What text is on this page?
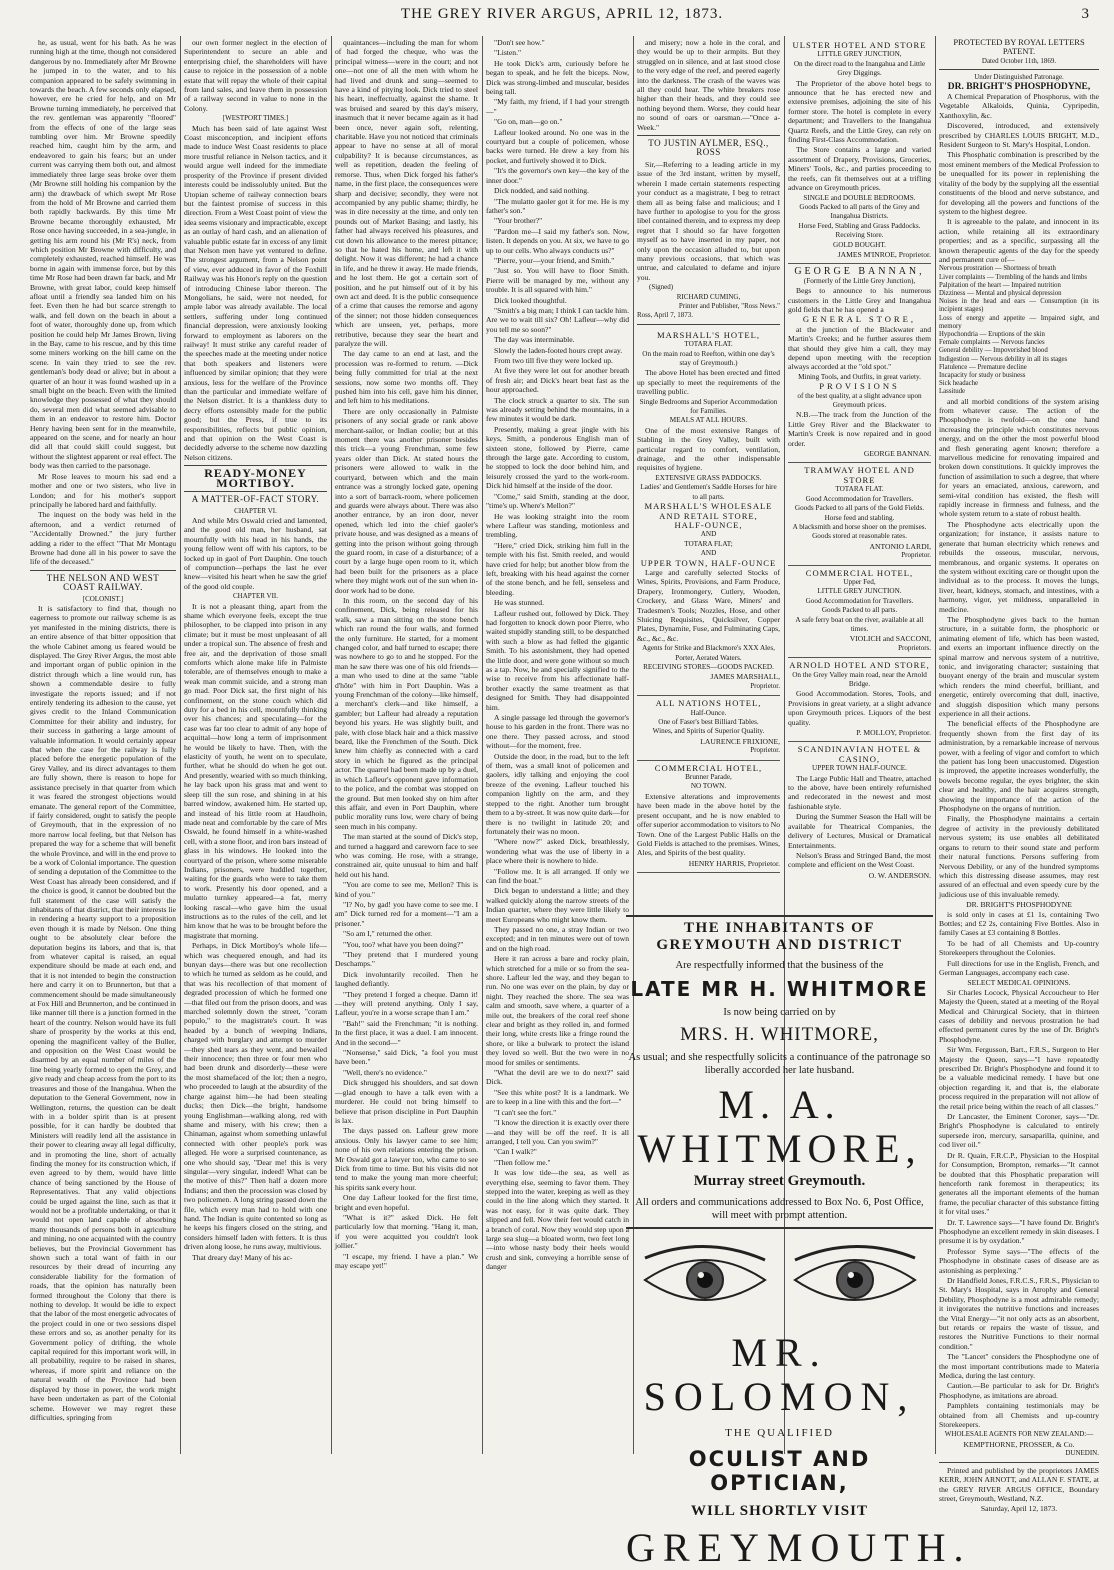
THE GREY RIVER ARGUS, APRIL 12, 1873.	3

he, as usual, went for his bath. As he was running high at the time, though not considered dangerous by no. Immediately after Mr Browne he jumped in to the water, and to his companion appeared to be safely swimming in towards the beach. A few seconds only elapsed, however, ere he cried for help, and on Mr Browne turning immediately, he perceived that the rev. gentleman was apparently "floored" from the effects of one of the large seas tumbling over him. Mr Browne speedily reached him, caught him by the arm, and endeavored to gain his fears; but an under current was carrying them both out, and almost immediately three large seas broke over them (Mr Browne still holding his companion by the arm) the drawback of which swept Mr Rose from the hold of Mr Browne and carried them both rapidly backwards. By this time Mr Browne became thoroughly exhausted, Mr Rose once having succeeded, in a sea-jungle, in getting his arm round his (Mr R's) neck, from which position Mr Browne with difficulty, and completely exhausted, reached himself. He was borne in again with immense force, but by this time Mr Rose had been drawn far back, and Mr Browne, with great labor, could keep himself afloat until a friendly sea landed him on his feet. Even then he had but scarce strength to walk, and fell down on the beach in about a foot of water, thoroughly done up, from which position he could help Mr James Brown, living in the Bay, came to his rescue, and by this time some miners working on the hill came on the scene. In vain they tried to see the rev. gentleman's body dead or alive; but in about a quarter of an hour it was found washed up in a small bight on the beach. Even with the limited knowledge they possessed of what they should do, several men did what seemed advisable to them in an endeavor to restore him. Doctor Henry having been sent for in the meanwhile, appeared on the scene, and for nearly an hour did all that could skill could suggest, but without the slightest apparent or real effect. The body was then carried to the parsonage.

Mr Rose leaves to mourn his sad end a mother and one or two sisters, who live in London; and for his mother's support principally he labored hard and faithfully.

The inquest on the body was held in the afternoon, and a verdict returned of "Accidentally Drowned." the jury further adding a rider to the effect "That Mr Montagu Browne had done all in his power to save the life of the deceased."

THE NELSON AND WEST COAST RAILWAY.
[COLONIST.]

It is satisfactory to find that, though no eagerness to promote our railway scheme is as yet manifested in the mining districts, there is an entire absence of that bitter opposition that the whole Cabinet among us feared would be displayed. The Grey River Argus, the most able and important organ of public opinion in the district through which a line would run, has shown a commendable desire to fully investigate the reports issued; and if not entirely tendering its adhesion to the cause, yet gives credit to the Inland Communication Committee for their ability and industry, for their success in gathering a large amount of valuable information. It would certainly appear that when the case for the railway is fully placed before the energetic population of the Grey Valley, and its direct advantages to them are fully shown, there is reason to hope for assistance precisely in that quarter from which it was feared the strongest objections would emanate. The general report of the Committee, if fairly considered, ought to satisfy the people of Greymouth, that in the expression of no more narrow local feeling, but that Nelson has prepared the way for a scheme that will benefit the whole Province, and will in the end prove to be a work of Colonial importance. The question of sending a deputation of the Committee to the West Coast has already been considered, and if the choice is good, it cannot be doubted but the full statement of the case will satisfy the inhabitants of that district, that their interests lie in rendering a hearty support to a proposition even though it is made by Nelson. One thing ought to be absolutely clear before the deputation begins its labors, and that is, that from whatever capital is raised, an equal expenditure should be made at each end, and that it is not intended to begin the construction here and carry it on to Brunnerton, but that a commencement should be made simultaneously at Fox Hill and Brunnerton, and be continued in like manner till there is a junction formed in the heart of the country. Nelson would have its full share of prosperity by the works at this end, opening the magnificent valley of the Buller, and opposition on the West Coast would be disarmed by an equal number of miles of the line being yearly formed to open the Grey, and give ready and cheap access from the port to its treasures and those of the Inangahua. When the deputation to the General Government, now in Wellington, returns, the question can be dealt with in a bolder spirit than is at present possible, for it can hardly be doubted that Ministers will readily lend all the assistance in their power to clearing away all legal difficulty, and in promoting the line, short of actually finding the money for its construction which, if even agreed to by them, would have little chance of being sanctioned by the House of Representatives. That any valid objections could be urged against the line, such as that it would not be a profitable undertaking, or that it would not open land capable of absorbing many thousands of persons both in agriculture and mining, no one acquainted with the country believes, but the Provincial Government has shown such a total want of faith in our resources by their dread of incurring any considerable liability for the formation of roads, that the opinion has naturally been formed throughout the Colony that there is nothing to develop. It would be idle to expect that the labor of the most energetic advocates of the project could in one or two sessions dispel these errors and so, as another penalty for its Government policy of drifting, the whole capital required for this important work will, in all probability, require to be raised in shares, whereas, if more spirit and reliance on the natural wealth of the Province had been displayed by those in power, the work might have been undertaken as part of the Colonial scheme. However we may regret these difficulties, springing from

our own former neglect in the election of Superintendent to secure an able and enterprising chief, the shareholders will have cause to rejoice in the possession of a noble estate that will repay the whole of their capital from land sales, and leave them in possession of a railway second in value to none in the Colony.

[WESTPORT TIMES.]

Much has been said of late against West Coast misconception, and incipient efforts made to induce West Coast residents to place more trustful reliance in Nelson tactics, and it would argue well indeed for the immediate prosperity of the Province if present divided interests could be indissolubly united. But the Utopian scheme of railway connection bears but the faintest promise of success in this direction. From a West Coast point of view the idea seems visionary and impracticable, except as an outlay of hard cash, and an alienation of valuable public estate far in excess of any limit that Nelson men have yet ventured to define. The strongest argument, from a Nelson point of view, ever adduced in favor of the Foxhill Railway was his Honor's reply on the question of introducing Chinese labor thereon. The Mongolians, he said, were not needed, for ample labor was already available. The local settlers, suffering under long continued financial depression, were anxiously looking forward to employment as laborers on the railway! It must strike any careful reader of the speeches made at the meeting under notice that both speakers and listeners were influenced by similar opinion; that they were anxious, less for the welfare of the Province than the particular and immediate welfare of the Nelson district. It is a thankless duty to decry efforts ostensibly made for the public good; but the Press, if true to its responsibilities, reflects but public opinion, and that opinion on the West Coast is decidedly adverse to the scheme now dazzling Nelson citizens.

READY-MONEY MORTIBOY.
A MATTER-OF-FACT STORY.
CHAPTER VI.

And while Mrs Oswald cried and lamented, and the good old man, her husband, sat mournfully with his head in his hands, the young fellow went off with his captors, to be locked up in gaol of Port Dauphin. One touch of compunction—perhaps the last he ever knew—visited his heart when he saw the grief of the good old couple.

CHAPTER VII.

It is not a pleasant thing, apart from the shame which everyone feels, except the true philosopher, to be clapped into prison in any climate; but it must be most unpleasant of all under a tropical sun. The absence of fresh and free air, and the deprivation of those small comforts which alone make life in Palmiste tolerable, are of themselves enough to make a weak man commit suicide, and a strong man go mad. Poor Dick sat, the first night of his confinement, on the stone couch which did duty for a bed in his cell, mournfully thinking over his chances; and speculating—for the case was far too clear to admit of any hope of acquittal—how long a term of imprisonment he would be likely to have. Then, with the elasticity of youth, he went on to speculate, further, what he should do when he got out. And presently, wearied with so much thinking, he lay back upon his grass mat and went to sleep till the sun rose, and shining in at his barred window, awakened him. He started up, and instead of his little room at Haudhoin, made neat and comfortable by the care of Mrs Oswald, he found himself in a white-washed cell, with a stone floor, and iron bars instead of glass in his windows. He looked into the courtyard of the prison, where some miserable Indians, prisoners, were huddled together, waiting for the guards who were to take them to work. Presently his door opened, and a mulatto turnkey appeared—a fat, merry looking rascal—who gave him the usual instructions as to the rules of the cell, and let him know that he was to be brought before the magistrate that morning.

Perhaps, in Dick Mortiboy's whole life—which was chequered enough, and had its bunyan days—there was but one recollection to which he turned as seldom as he could, and that was his recollection of that moment of degraded procession of which he formed one—that filed out from the prison doors, and was marched solemnly down the street, "coram populo," to the magistrate's court. It was headed by a bunch of weeping Indians, charged with burglary and attempt to murder—they shed tears as they went, and bewailed their innocence; then three or four men who had been drunk and disorderly—these were the most shamefaced of the lot; then a negro, who proceeded to laugh at the absurdity of the charge against him—he had been stealing ducks; then Dick—the bright, handsome young Englishman—walking along, red with shame and misery, with his crew; then a Chinaman, against whom something unlawful connected with other people's pork was alleged. He wore a surprised countenance, as one who should say, "Dear me! this is very singular—very singular, indeed! What can be the motive of this?" Then half a dozen more Indians; and then the procession was closed by two policemen. A long string passed down the file, which every man had to hold with one hand. The Indian is quite contented so long as he keeps his fingers closed on the string, and considers himself laden with fetters. It is thus driven along loose, he runs away, multivious.

That dreary day! Many of his ac-

quaintances—including the man for whom of had forged the cheque, who was the principal witness—were in the court; and not one—not one of all the men with whom he had lived and drunk and sung—seemed to have a kind of pitying look. Dick tried to steel his heart, ineffectually, against the shame. It was bruised and seared by this day's misery, inasmuch that it never became again as it had been once, never again soft, relenting, charitable. Have you not noticed that criminals appear to have no sense at all of moral culpability? It is because circumstances, as well as repetition, deaden the feeling of remorse. Thus, when Dick forged his father's name, in the first place, the consequences were sharp and decisive; secondly, they were not accompanied by any public shame; thirdly, he was in dire necessity at the time, and only ten pounds out of Market Basing; and lastly, his father had always received his pleasures, and cut down his allowance to the merest pittance; so that he hated his home, and left it with delight. Now it was different; he had a chance in life, and he threw it away. He made friends, and he lost them. He got a certain sort of position, and he put himself out of it by his own act and deed. It is the public consequence of a crime that causes the remorse and agony of the sinner; not those hidden consequences which are unseen, yet, perhaps, more retributive, because they sear the heart and paralyze the will.

The day came to an end at last, and the procession was re-formed to return. —Dick being fully committed for trial at the next sessions, now some two months off. They pushed him into his cell, gave him his dinner, and left him to his meditations.

There are only occasionally in Palmiste prisoners of any social grade or rank above merchant-sailor, or Indian coolie; but at this moment there was another prisoner besides this trick—a young Frenchman, some few years older than Dick. At stated hours the prisoners were allowed to walk in the courtyard, between which and the main entrance was a strongly locked gate, opening into a sort of barrack-room, where policemen and guards were always about. There was also another entrance, by an iron door, never opened, which led into the chief gaoler's private house, and was designed as a means of getting into the prison without going through the guard room, in case of a disturbance; of a court by a large huge open room to it, which had been built for the prisoners as a place where they might work out of the sun when in-door work had to be done.

In this room, on the second day of his confinement, Dick, being released for his walk, saw a man sitting on the stone bench which ran round the four walls, and formed the only furniture. He started, for a moment changed color, and half turned to escape; there was nowhere to go to and he stopped. For the man he saw there was one of his old friends—a man who used to dine at the same "table d'hôte" with him in Port Dauphin. Was a young Frenchman of the colony—like himself, a merchant's clerk—and like himself, a gambler; but Lafleur had already a reputation beyond his years. He was slightly built, and pale, with close black hair and a thick massive beard, like the Frenchmen of the South. Dick knew him chiefly as connected with a card story in which he figured as the principal actor. The quarrel had been made up by a duel, in which Lafleur's opponent gave information to the police, and the combat was stopped on the ground. But men looked shy on him after this affair, and even in Port Dauphin, where public morality runs low, were chary of being seen much in his company.

The man started at the sound of Dick's step, and turned a haggard and careworn face to see who was coming. He rose, with a strange, constrained air, quite unusual to him and half held out his hand.

"You are come to see me, Mellon? This is kind of you."

"I? No, by gad! you have come to see me. I am" Dick turned red for a moment—"I am a prisoner."

"So am I," returned the other.

"You, too? what have you been doing?"

"They pretend that I murdered young Deschamps."

Dick involuntarily recoiled. Then he laughed defiantly.

"They pretend I forged a cheque. Damn it!—they will pretend anything. Only I say, Lafleur, you're in a worse scrape than I am."

"Bah!" said the Frenchman; "it is nothing. In the first place, it was a duel. I am innocent. And in the second—"

"Nonsense," said Dick, "a fool you must have been."

"Well, there's no evidence."

Dick shrugged his shoulders, and sat down—glad enough to have a talk even with a murderer. He could not bring himself to believe that prison discipline in Port Dauphin is lax.

The days passed on. Lafleur grew more anxious. Only his lawyer came to see him; none of his own relations entering the prison. Mr Oswald got a lawyer too, who came to see Dick from time to time. But his visits did not tend to make the young man more cheerful; his spirits sank every hour.

One day Lafleur looked for the first time, bright and even hopeful.

"What is it?" asked Dick. He felt particularly low that morning. "Hang it, man, if you were acquitted you couldn't look jollier."

"I escape, my friend. I have a plan." We may escape yet!"

"Don't see how."

"Listen."

He took Dick's arm, curiously before he began to speak, and he felt the biceps. Now, Dick was strong-limbed and muscular, besides being tall.

"My faith, my friend, if I had your strength—"

"Go on, man—go on."

Lafleur looked around. No one was in the courtyard but a couple of policemen, whose backs were turned. He drew a key from his pocket, and furtively showed it to Dick.

"It's the governor's own key—the key of the inner door."

Dick nodded, and said nothing.

"The mulatto gaoler got it for me. He is my father's son."

"Your brother?"

"Pardon me—I said my father's son. Now, listen. It depends on you. At six, we have to go up to our cells. Who always conducts us?"

"Pierre, your—your friend, and Smith."

"Just so. You will have to floor Smith. Pierre will be managed by me, without any trouble. It is all squared with him."

Dick looked thoughtful.

"Smith's a big man; I think I can tackle him. Are we to wait till six? Oh! Lafleur—why did you tell me so soon?"

The day was interminable.

Slowly the laden-footed hours crept away.

From two till five they were locked up.

At five they were let out for another breath of fresh air; and Dick's heart beat fast as the hour approached.

The clock struck a quarter to six. The sun was already setting behind the mountains, in a few minutes it would be dark.

Presently, making a great jingle with his keys, Smith, a ponderous English man of sixteen stone, followed by Pierre, came through the large gate. According to custom, he stopped to lock the door behind him, and leisurely crossed the yard to the work-room. Dick hid himself at the inside of the door.

"Come," said Smith, standing at the door, "time's up. Where's Mellon?"

He was looking straight into the room where Lafleur was standing, motionless and trembling.

"Here," cried Dick, striking him full in the temple with his fist. Smith reeled, and would have cried for help; but another blow from the left, breaking with his head against the corner of the stone bench, and he fell, senseless and bleeding.

He was stunned.

Lafleur rushed out, followed by Dick. They had forgotten to knock down poor Pierre, who waited stupidly standing still, to be despatched with such a blow as had felled the gigantic Smith. To his astonishment, they had opened the little door, and were gone without so much as a tap. Now, he and specially signified to the wise to receive from his affectionate half-brother exactly the same treatment as that designed for Smith. They had disappointed him.

A single passage led through the governor's house to his garden in the front. There was no one there. They passed across, and stood without—for the moment, free.

Outside the door, in the road, but to the left of them, was a small knot of policemen and gaolers, idly talking and enjoying the cool breeze of the evening. Lafleur touched his companion lightly on the arm, and they stepped to the right. Another turn brought them to a by-street. It was now quite dark—for there is no twilight in latitude 20; and fortunately their was no moon.

"Where now?" asked Dick, breathlessly, wondering what was the use of liberty in a place where their is nowhere to hide.

"Follow me. It is all arranged. If only we can find the boat."

Dick began to understand a little; and they walked quickly along the narrow streets of the Indian quarter, where they were little likely to meet Europeans who might know them.

They passed no one, a stray Indian or two excepted; and in ten minutes were out of town and on the high road.

Here it ran across a bare and rocky plain, which stretched for a mile or so from the sea-shore. Lafleur led the way, and they began to run. No one was ever on the plain, by day or night. They reached the shore. The sea was calm and smooth, save where, a quarter of a mile out, the breakers of the coral reef shone clear and bright as they rolled in, and formed their long, white crests like a fringe round the shore, or like a bulwark to protect the island they loved so well. But the two were in no mood for smiles or sentiments.

"What the devil are we to do next?" said Dick.

"See this white post? It is a landmark. We are to keep in a line with this and the fort—"

"I can't see the fort."

"I know the direction it is exactly over there—and they will be off the reef. It is all arranged, I tell you. Can you swim?"

"Can I walk?"

"Then follow me."

It was low tide—the sea, as well as everything else, seeming to favor them. They stepped into the water, keeping as well as they could in the line along which they started. It was not easy, for it was quite dark. They slipped and fell. Now their feet would catch in a branch of coral. Now they would step upon a large sea slug—a bloated worm, two feet long—into whose nasty body their heels would crush and sink, conveying a horrible sense of danger

and misery; now a hole in the coral, and they would be up to their armpits. But they struggled on in silence, and at last stood close to the very edge of the reef, and peered eagerly into the darkness. The crash of the waves was all they could hear. The white breakers rose higher than their heads, and they could see nothing beyond them. Worse, they could hear no sound of oars or oarsman.—"Once a-Week."

TO JUSTIN AYLMER, ESQ., ROSS

Sir,—Referring to a leading article in my issue of the 3rd instant, written by myself, wherein I made certain statements respecting your conduct as a magistrate, I beg to retract them all as being false and malicious; and I have further to apologise to you for the gross libel contained therein, and to express my deep regret that I should so far have forgotten myself as to have inserted in my paper, not only upon the occasion alluded to, but upon many previous occasions, that which was untrue, and calculated to defame and injure you.

(Signed)
RICHARD CUMING,
Printer and Publisher, "Ross News."
Ross, April 7, 1873.
MARSHALL'S HOTEL,
TOTARA FLAT.
On the main road to Reefton, within one day's stay of Greymouth.)

The above Hotel has been erected and fitted up specially to meet the requirements of the travelling public.

Single Bedrooms and Superior Accommodation for Families.
MEALS AT ALL HOURS.

One of the most extensive Ranges of Stabling in the Grey Valley, built with particular regard to comfort, ventilation, drainage, and the other indispensable requisites of hygiene.

EXTENSIVE GRASS PADDOCKS.
Ladies' and Gentlemen's Saddle Horses for hire to all parts.
MARSHALL'S WHOLESALE AND RETAIL STORE,
HALF-OUNCE,
AND
TOTARA FLAT;
AND
UPPER TOWN, HALF-OUNCE

Large and carefully selected Stocks of Wines, Spirits, Provisions, and Farm Produce, Drapery, Ironmongery, Cutlery, Wooden, Crockery, and Glass Ware, Miners' and Tradesmen's Tools; Nozzles, Hose, and other Sluicing Requisites, Quicksilver, Copper Plates, Dynamite, Fuse, and Fulminating Caps, &c., &c., &c.

Agents for Strike and Blackmore's XXX Ales, Porter, Aerated Waters.
RECEIVING STORES—GOODS PACKED.
JAMES MARSHALL,
Proprietor.
ALL NATIONS HOTEL,
Half-Ounce.
One of Faser's best Billiard Tables.
Wines, and Spirits of Superior Quality.
LAURENCE FRIXIONE,
Proprietor.
COMMERCIAL HOTEL,
Brunner Parade,
NO TOWN.

Extensive alterations and improvements have been made in the above hotel by the present occupant, and he is now enabled to offer superior accommodation to visitors to No Town. One of the Largest Public Halls on the Gold Fields is attached to the premises. Wines, Ales, and Spirits of the best quality.

HENRY HARRIS, Proprietor.
ULSTER HOTEL AND STORE
LITTLE GREY JUNCTION,
On the direct road to the Inangahua and Little Grey Diggings.

The Proprietor of the above hotel begs to announce that he has erected new and extensive premises, adjoining the site of his former store. The hotel is complete in every department; and Travellers to the Inangahua Quartz Reefs, and the Little Grey, can rely on finding First-Class Accommodation.

The Store contains a large and varied assortment of Drapery, Provisions, Groceries, Miners' Tools, &c., and parties proceeding to the reefs, can fit themselves out at a trifling advance on Greymouth prices.

SINGLE and DOUBLE BEDROOMS.
Goods Packed to all parts of the Grey and Inangahua Districts.
Horse Feed, Stabling and Grass Paddocks. Receiving Store.
GOLD BOUGHT.
JAMES M'INROE, Proprietor.
GEORGE BANNAN,
(Formerly of the Little Grey Junction),

Begs to announce to his numerous customers in the Little Grey and Inangahua gold fields that he has opened a

GENERAL STORE,

at the junction of the Blackwater and Martin's Creeks; and he further assures them that should they give him a call, they may depend upon meeting with the reception always accorded at the "old spot."

Mining Tools, and Outfits, in great variety.
PROVISIONS
of the best quality, at a slight advance upon Greymouth prices.

N.B.—The track from the Junction of the Little Grey River and the Blackwater to Martin's Creek is now repaired and in good order.

GEORGE BANNAN.
TRAMWAY HOTEL AND STORE
TOTARA FLAT.
Good Accommodation for Travellers.
Goods Packed to all parts of the Gold Fields.
Horse feed and stabling.
A blacksmith and horse shoer on the premises.
Goods stored at reasonable rates.
ANTONIO LARDI,
Proprietor.
COMMERCIAL HOTEL,
Upper Fed,
LITTLE GREY JUNCTION.
Good Accommodation for Travellers.
Goods Packed to all parts.
A safe ferry boat on the river, available at all times.
VIOLICH and SACCONI,
Proprietors.
ARNOLD HOTEL AND STORE,
On the Grey Valley main road, near the Arnold Bridge.

Good Accommodation. Stores, Tools, and Provisions in great variety, at a slight advance upon Greymouth prices. Liquors of the best quality.

P. MOLLOY, Proprietor.
SCANDINAVIAN HOTEL & CASINO,
UPPER TOWN HALF-OUNCE.

The Large Public Hall and Theatre, attached to the above, have been entirely refurnished and redecorated in the newest and most fashionable style.

During the Summer Season the Hall will be available for Theatrical Companies, the delivery of Lectures, Musical or Dramatical Entertainments.

Nelson's Brass and Stringed Band, the most complete and efficient on the West Coast.

O. W. ANDERSON.
THE INHABITANTS OF GREYMOUTH AND DISTRICT
Are respectfully informed that the business of the
LATE MR H. WHITMORE
Is now being carried on by
MRS. H. WHITMORE,
As usual; and she respectfully solicits a continuance of the patronage so liberally accorded her late husband.
M. A. WHITMORE,
Murray street Greymouth.
All orders and communications addressed to Box No. 6, Post Office, will meet with prompt attention.
MR. SOLOMON,
THE QUALIFIED
OCULIST AND OPTICIAN,
WILL SHORTLY VISIT
GREYMOUTH.
PROTECTED BY ROYAL LETTERS PATENT.
Dated October 11th, 1869.
Under Distinguished Patronage.
DR. BRIGHT'S PHOSPHODYNE,

A Chemical Preparation of Phosphorus, with the Vegetable Alkaloids, Quinia, Cypripedin, Xanthoxylin, &c.

Discovered, introduced, and extensively prescribed by CHARLES LOUIS BRIGHT, M.D., Resident Surgeon to St. Mary's Hospital, London.

This Phosphatic combination is prescribed by the most eminent members of the Medical Profession to be unequalled for its power in replenishing the vitality of the body by the supplying all the essential constituents of the blood and nerve substance, and for developing all the powers and functions of the system to the highest degree.

It is agreeable to the palate, and innocent in its action, while retaining all its extraordinary properties; and as a specific, surpassing all the known therapeutic agents of the day for the speedy and permanent cure of—

Nervous prostration — Shortness of breath
Liver complaints — Trembling of the hands and limbs
Palpitation of the heart — Impaired nutrition
Dizziness — Mental and physical depression
Noises in the head and ears — Consumption (in its incipient stages)
Loss of energy and appetite — Impaired sight, and memory
Hypochondria — Eruptions of the skin
Female complaints — Nervous fancies
General debility — Impoverished blood
Indigestion — Nervous debility in all its stages
Flatulence — Premature decline
Incapacity for study or business
Sick headache
Lassitude

and all morbid conditions of the system arising from whatever cause. The action of the Phosphodyne is twofold—on the one hand increasing the principle which constitutes nervous energy, and on the other the most powerful blood and flesh generating agent known; therefore a marvellous medicine for renovating impaired and broken down constitutions. It quickly improves the function of assimilation to such a degree, that where for years an emaciated, anxious, careworn, and semi-vital condition has existed, the flesh will rapidly increase in firmness and fulness, and the whole system return to a state of robust health.

The Phosphodyne acts electrically upon the organization; for instance, it assists nature to generate that human electricity which renews and rebuilds the osseous, muscular, nervous, membranous, and organic systems. It operates on the system without exciting care or thought upon the individual as to the process. It moves the lungs, liver, heart, kidneys, stomach, and intestines, with a harmony, vigor, yet mildness, unparalleled in medicine.

The Phosphodyne gives back to the human structure, in a suitable form, the phosphoric or animating element of life, which has been wasted, and exerts an important influence directly on the spinal marrow and nervous system of a nutritive, tonic, and invigorating character; sustaining that buoyant energy of the brain and muscular system which renders the mind cheerful, brilliant, and energetic, entirely overcoming that dull, inactive, and sluggish disposition which many persons experience in all their actions.

The beneficial effects of the Phosphodyne are frequently shown from the first day of its administration, by a remarkable increase of nervous power, with a feeling of vigor and comfort to which the patient has long been unaccustomed. Digestion is improved, the appetite increases wonderfully, the bowels become regular, the eyes brighter, the skin clear and healthy, and the hair acquires strength, showing the importance of the action of the Phosphodyne on the organs of nutrition.

Finally, the Phosphodyne maintains a certain degree of activity in the previously debilitated nervous system; its use enables all debilitated organs to return to their sound state and perform their natural functions. Persons suffering from Nervous Debility, or any of the hundred symptoms which this distressing disease assumes, may rest assured of an effectual and even speedy cure by the judicious use of this invaluable remedy.

DR. BRIGHT'S PHOSPHODYNE

is sold only in cases at £1 1s, containing Two Bottles; and £2 2s, containing Five Bottles. Also in family Cases at £3 containing 8 Bottles.

To be had of all Chemists and Up-country Storekeepers throughout the Colonies.

Full directions for use in the English, French, and German Languages, accompany each case.

SELECT MEDICAL OPINIONS.

Sir Charles Locock, Physical Accoucheur to Her Majesty the Queen, stated at a meeting of the Royal Medical and Chirurgical Society, that in thirteen cases of debility and nervous prostration he had effected permanent cures by the use of Dr. Bright's Phosphodyne.

Sir Wm. Fergusson, Bart., F.R.S., Surgeon to Her Majesty the Queen, says—"I have repeatedly prescribed Dr. Bright's Phosphodyne and found it to be a valuable medicinal remedy. I have but one objection regarding it, and that is, the elaborate process required in the preparation will not allow of the retail price being within the reach of all classes."

Dr Lancaster, the Eminent Coroner, says—"Dr. Bright's Phosphodyne is calculated to entirely supersede iron, mercury, sarsaparilla, quinine, and cod liver oil."

Dr R. Quain, F.R.C.P., Physician to the Hospital for Consumption, Brompton, remarks—"It cannot be doubted that this Phosphatic preparation will henceforth rank foremost in therapeutics; its generates all the important elements of the human frame, the peculiar character of this substance fitting it for vital uses."

Dr. T. Lawrence says—"I have found Dr. Bright's Phosphodyne an excellent remedy in skin diseases. I presume it is by oxydation."

Professor Syme says—"The effects of the Phosphodyne in obstinate cases of disease are as astonishing as perplexing."

Dr Handfield Jones, F.R.C.S., F.R.S., Physician to St. Mary's Hospital, says in Atrophy and General Debility, Phosphodyne is a most admirable remedy; it invigorates the nutritive functions and increases the Vital Energy—"it not only acts as an absorbent, but retards or repairs the waste of tissue, and restores the Nutritive Functions to their normal condition."

The "Lancet" considers the Phosphodyne one of the most important contributions made to Materia Medica, during the last century.

Caution.—Be particular to ask for Dr. Bright's Phosphodyne, as imitations are abroad.

Pamphlets containing testimonials may be obtained from all Chemists and up-country Storekeepers.

WHOLESALE AGENTS FOR NEW ZEALAND:—
KEMPTHORNE, PROSSER, & Co.
DUNEDIN.

Printed and published by the proprietors JAMES KERR, JOHN ARNOTT, and ALLAN F. STATE, at the GREY RIVER ARGUS OFFICE, Boundary street, Greymouth, Westland, N.Z.

Saturday, April 12, 1873.
